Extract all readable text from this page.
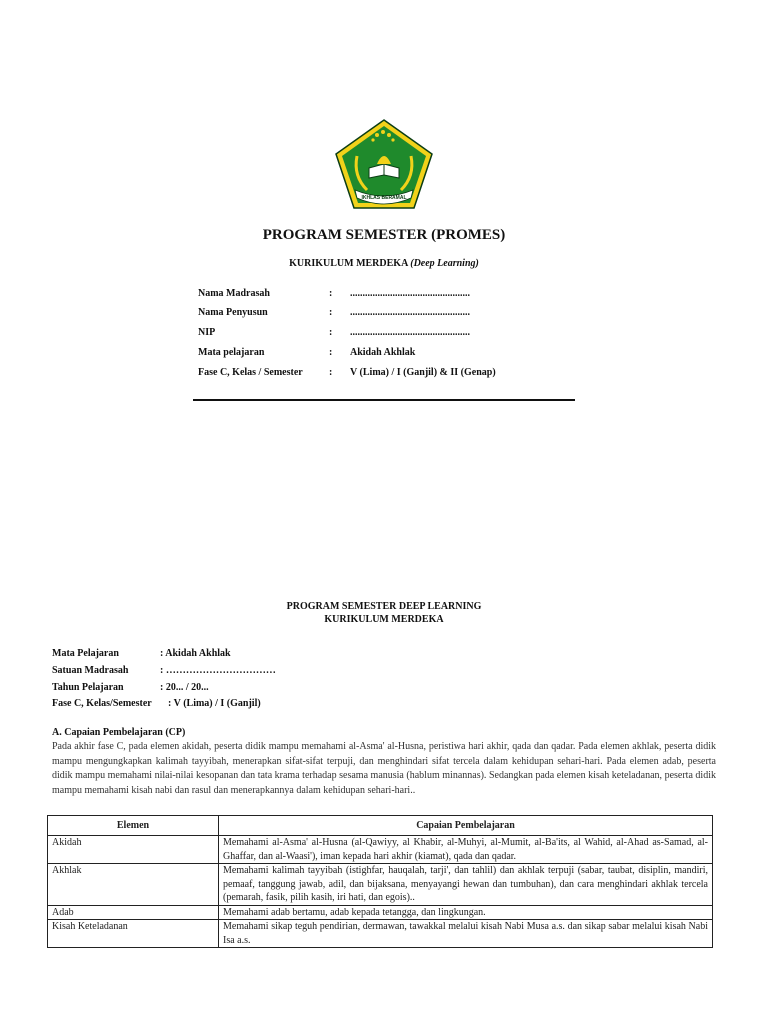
IKHLAS BERAMAL
PROGRAM SEMESTER (PROMES)
KURIKULUM MERDEKA (Deep Learning)
Nama Madrasah	: ................................................
Nama Penyusun	: ................................................
NIP	: ................................................
Mata pelajaran	: Akidah Akhlak
Fase C, Kelas / Semester	: V (Lima) / I (Ganjil) & II (Genap)
PROGRAM SEMESTER DEEP LEARNING
KURIKULUM MERDEKA
Mata Pelajaran	: Akidah Akhlak
Satuan Madrasah	: ……………………………
Tahun Pelajaran	: 20... / 20...
Fase C, Kelas/Semester : V (Lima) / I (Ganjil)
A. Capaian Pembelajaran (CP)
Pada akhir fase C, pada elemen akidah, peserta didik mampu memahami al-Asma' al-Husna, peristiwa hari akhir, qada dan qadar. Pada elemen akhlak, peserta didik mampu mengungkapkan kalimah tayyibah, menerapkan sifat-sifat terpuji, dan menghindari sifat tercela dalam kehidupan sehari-hari. Pada elemen adab, peserta didik mampu memahami nilai-nilai kesopanan dan tata krama terhadap sesama manusia (hablum minannas). Sedangkan pada elemen kisah keteladanan, peserta didik mampu memahami kisah nabi dan rasul dan menerapkannya dalam kehidupan sehari-hari..
Elemen	Capaian Pembelajaran
Akidah	Memahami al-Asma' al-Husna (al-Qawiyy, al Khabir, al-Muhyi, al-Mumit, al-Ba'its, al Wahid, al-Ahad as-Samad, al-Ghaffar, dan al-Waasi'), iman kepada hari akhir (kiamat), qada dan qadar.
Akhlak	Memahami kalimah tayyibah (istighfar, hauqalah, tarji', dan tahlil) dan akhlak terpuji (sabar, taubat, disiplin, mandiri, pemaaf, tanggung jawab, adil, dan bijaksana, menyayangi hewan dan tumbuhan), dan cara menghindari akhlak tercela (pemarah, fasik, pilih kasih, iri hati, dan egois)..
Adab	Memahami adab bertamu, adab kepada tetangga, dan lingkungan.
Kisah Keteladanan	Memahami sikap teguh pendirian, dermawan, tawakkal melalui kisah Nabi Musa a.s. dan sikap sabar melalui kisah Nabi Isa a.s.
